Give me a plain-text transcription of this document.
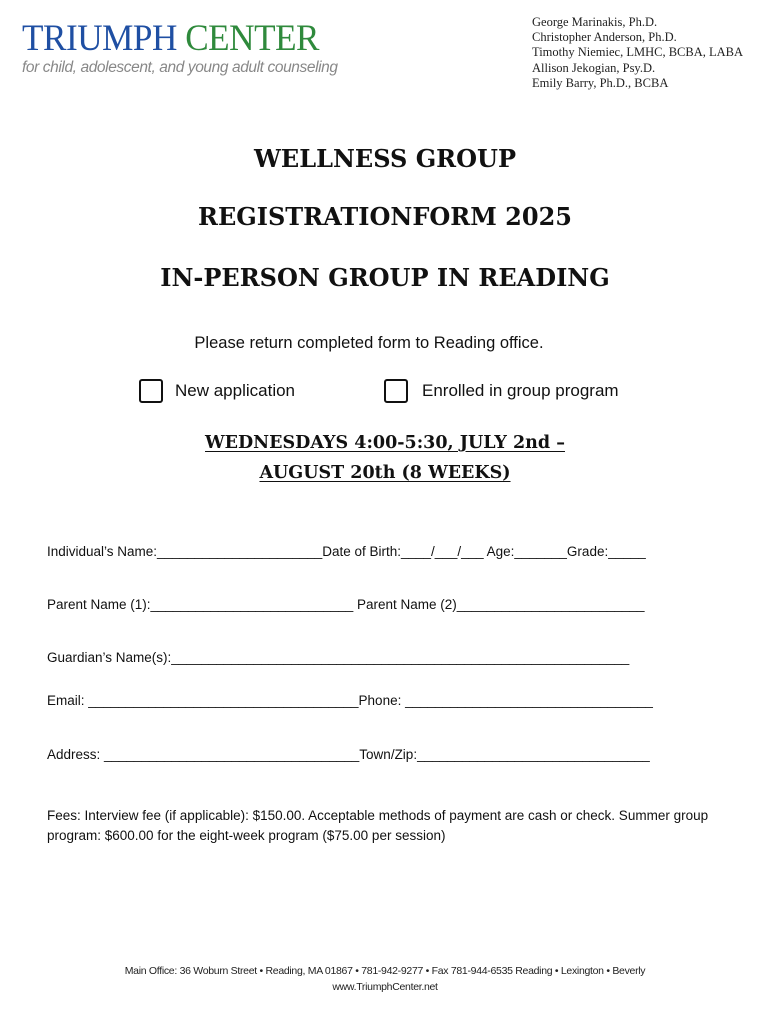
TRIUMPH CENTER
for child, adolescent, and young adult counseling
George Marinakis, Ph.D.
Christopher Anderson, Ph.D.
Timothy Niemiec, LMHC, BCBA, LABA
Allison Jekogian, Psy.D.
Emily Barry, Ph.D., BCBA
WELLNESS GROUP
REGISTRATIONFORM 2025
IN-PERSON GROUP IN READING
Please return completed form to Reading office.
New application	Enrolled in group program
WEDNESDAYS 4:00-5:30, JULY 2nd –
AUGUST 20th (8 WEEKS)
Individual’s Name:______________________Date of Birth:____/___/___ Age:_______Grade:_____
Parent Name (1):___________________________ Parent Name (2)_________________________
Guardian’s Name(s):_____________________________________________________________
Email: ____________________________________Phone: _________________________________
Address: __________________________________Town/Zip:_______________________________
Fees: Interview fee (if applicable): $150.00. Acceptable methods of payment are cash or check. Summer group program: $600.00 for the eight-week program ($75.00 per session)
Main Office: 36 Woburn Street • Reading, MA 01867 • 781-942-9277 • Fax 781-944-6535 Reading • Lexington • Beverly
www.TriumphCenter.net
